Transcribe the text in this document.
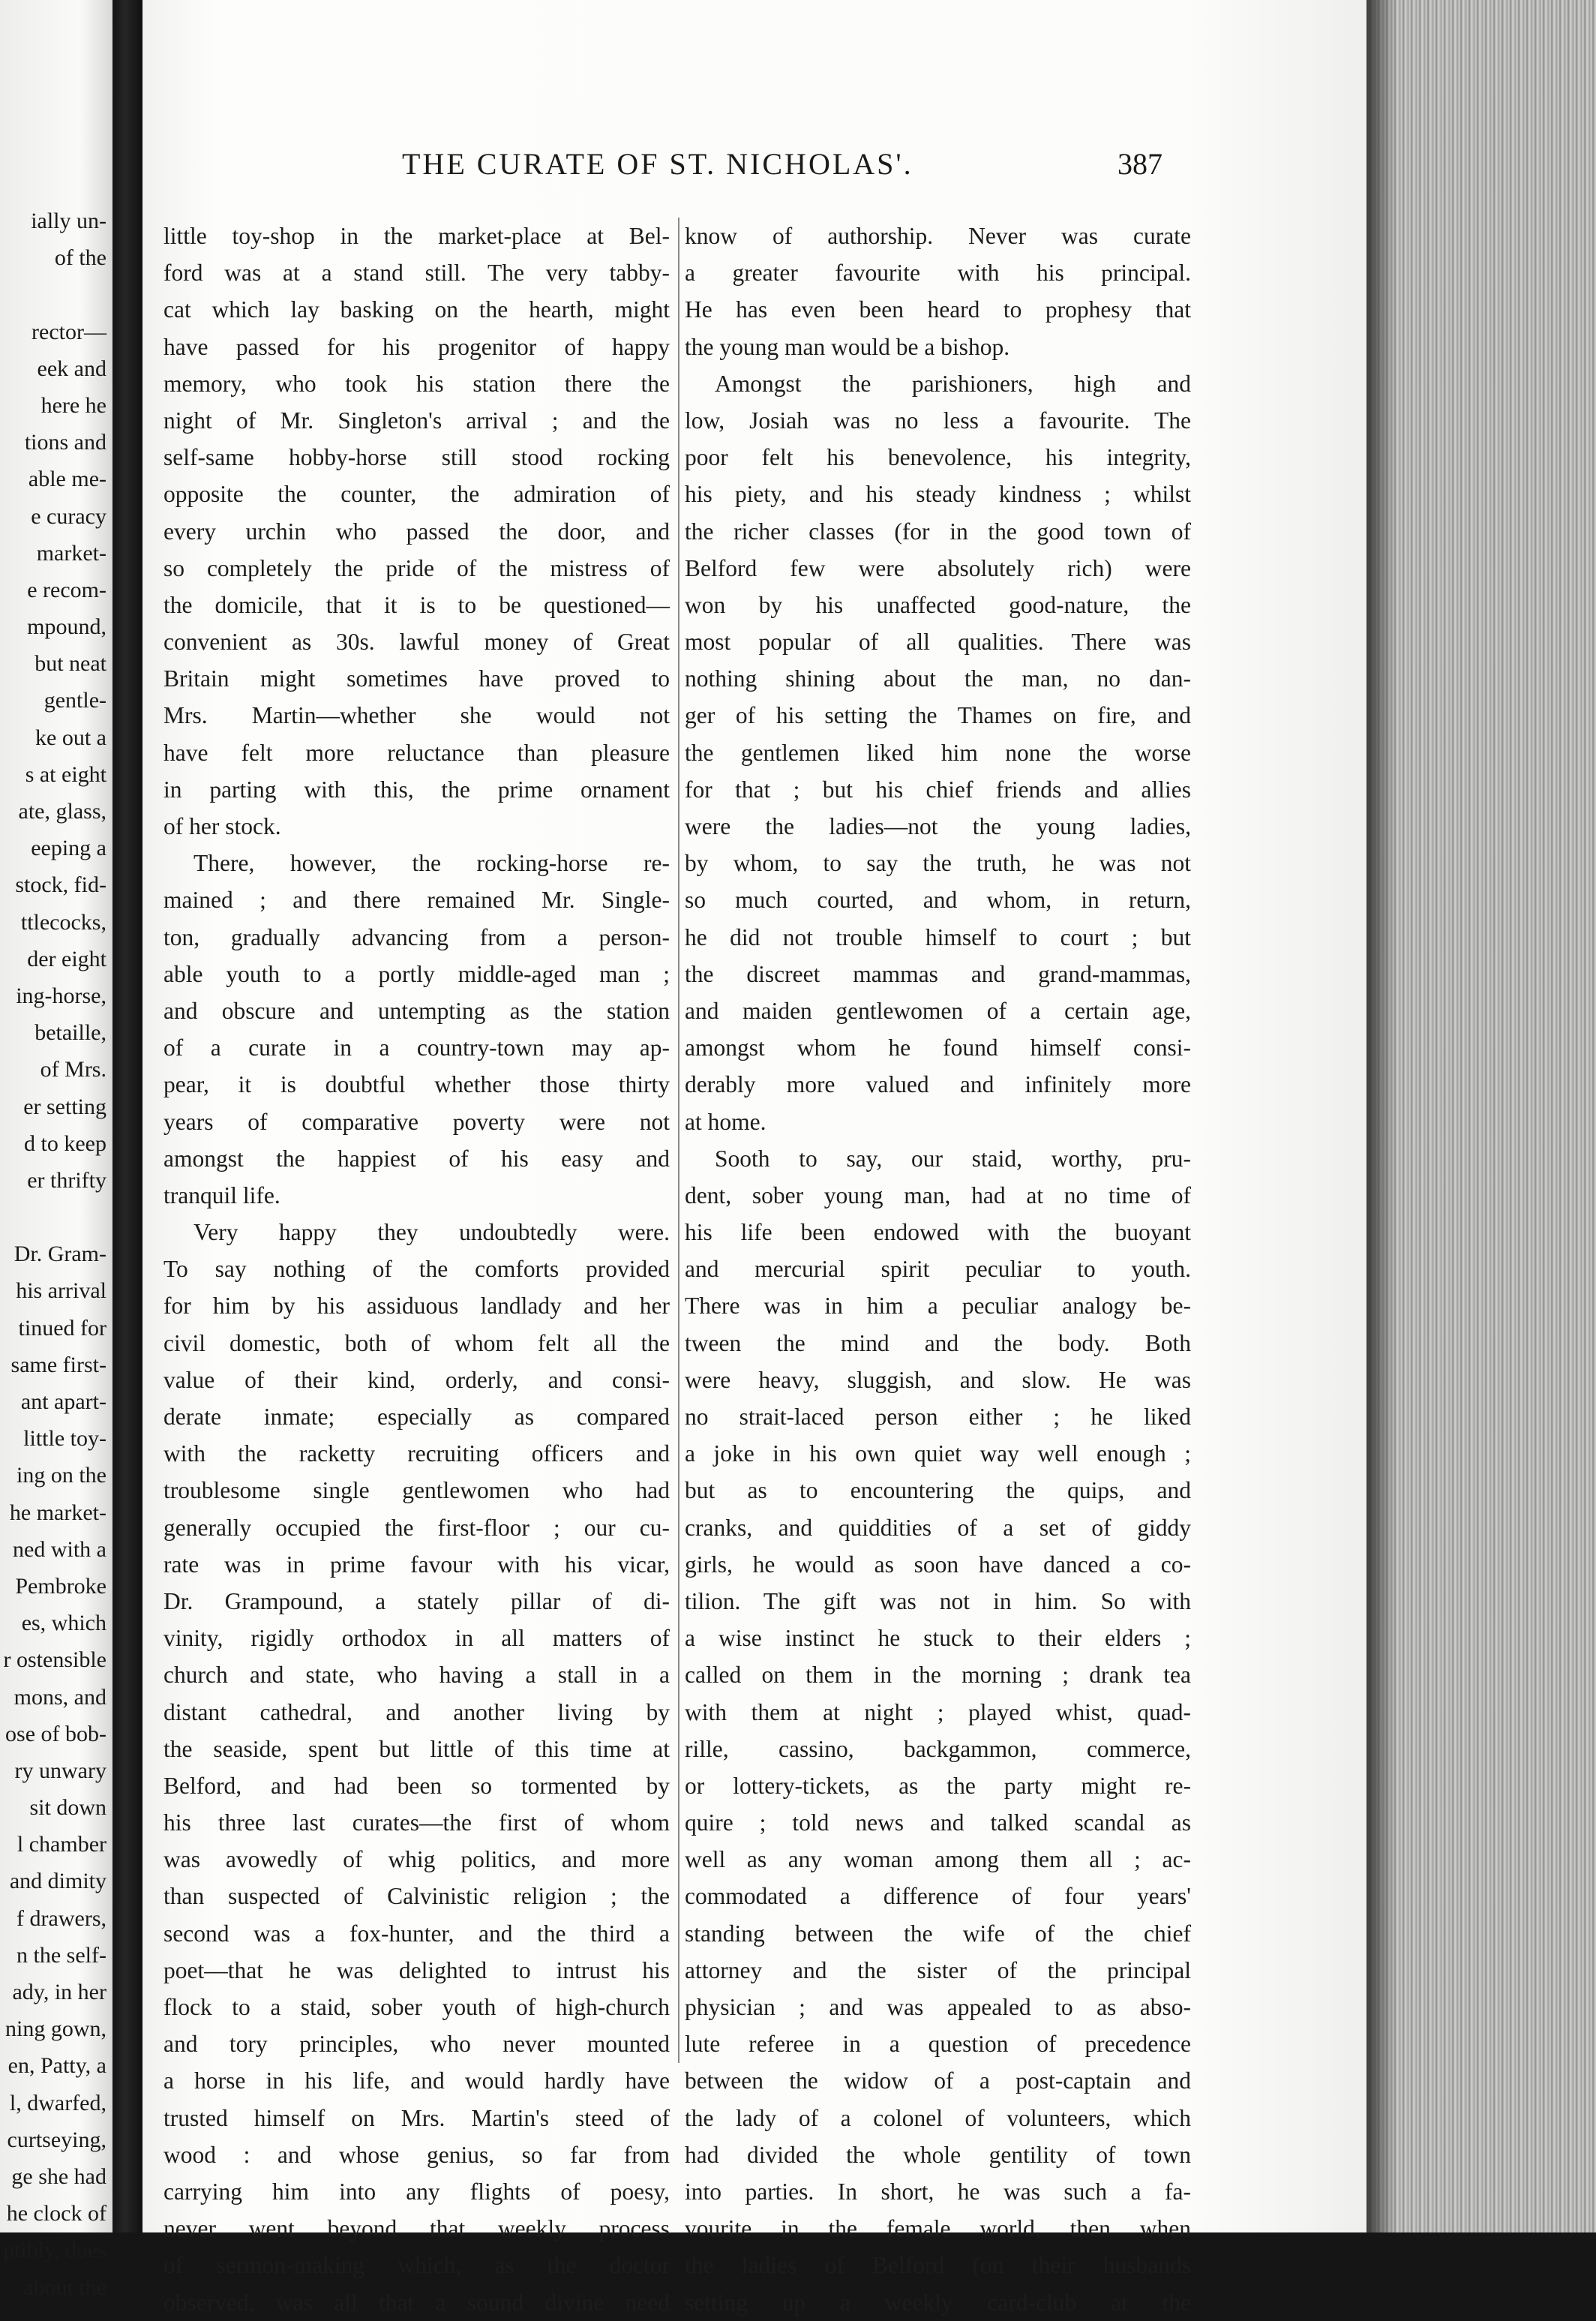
ially un-
of the
rector—
eek and
here he
tions and
able me-
e curacy
market-
e recom-
mpound,
but neat
gentle-
ke out a
s at eight
ate, glass,
eeping a
stock, fid-
ttlecocks,
der eight
ing-horse,
betaille,
of Mrs.
er setting
d to keep
er thrifty
Dr. Gram-
his arrival
tinued for
same first-
ant apart-
little toy-
ing on the
he market-
ned with a
Pembroke
es, which
r ostensible
mons, and
ose of bob-
ry unwary
sit down
l chamber
and dimity
f drawers,
n the self-
ady, in her
ning gown,
en, Patty, a
l, dwarfed,
curtseying,
ge she had
he clock of
ptibly, does
about the
THE CURATE OF ST. NICHOLAS'.	387
little toy-shop in the market-place at Bel-
ford was at a stand still. The very tabby-
cat which lay basking on the hearth, might
have passed for his progenitor of happy
memory, who took his station there the
night of Mr. Singleton's arrival ; and the
self-same hobby-horse still stood rocking
opposite the counter, the admiration of
every urchin who passed the door, and
so completely the pride of the mistress of
the domicile, that it is to be questioned—
convenient as 30s. lawful money of Great
Britain might sometimes have proved to
Mrs. Martin—whether she would not
have felt more reluctance than pleasure
in parting with this, the prime ornament
of her stock.
There, however, the rocking-horse re-
mained ; and there remained Mr. Single-
ton, gradually advancing from a person-
able youth to a portly middle-aged man ;
and obscure and untempting as the station
of a curate in a country-town may ap-
pear, it is doubtful whether those thirty
years of comparative poverty were not
amongst the happiest of his easy and
tranquil life.
Very happy they undoubtedly were.
To say nothing of the comforts provided
for him by his assiduous landlady and her
civil domestic, both of whom felt all the
value of their kind, orderly, and consi-
derate inmate; especially as compared
with the racketty recruiting officers and
troublesome single gentlewomen who had
generally occupied the first-floor ; our cu-
rate was in prime favour with his vicar,
Dr. Grampound, a stately pillar of di-
vinity, rigidly orthodox in all matters of
church and state, who having a stall in a
distant cathedral, and another living by
the seaside, spent but little of this time at
Belford, and had been so tormented by
his three last curates—the first of whom
was avowedly of whig politics, and more
than suspected of Calvinistic religion ; the
second was a fox-hunter, and the third a
poet—that he was delighted to intrust his
flock to a staid, sober youth of high-church
and tory principles, who never mounted
a horse in his life, and would hardly have
trusted himself on Mrs. Martin's steed of
wood : and whose genius, so far from
carrying him into any flights of poesy,
never went beyond that weekly process
of sermon-making which, as the doctor
observed, was all that a sound divine need
know of authorship. Never was curate
a greater favourite with his principal.
He has even been heard to prophesy that
the young man would be a bishop.
Amongst the parishioners, high and
low, Josiah was no less a favourite. The
poor felt his benevolence, his integrity,
his piety, and his steady kindness ; whilst
the richer classes (for in the good town of
Belford few were absolutely rich) were
won by his unaffected good-nature, the
most popular of all qualities. There was
nothing shining about the man, no dan-
ger of his setting the Thames on fire, and
the gentlemen liked him none the worse
for that ; but his chief friends and allies
were the ladies—not the young ladies,
by whom, to say the truth, he was not
so much courted, and whom, in return,
he did not trouble himself to court ; but
the discreet mammas and grand-mammas,
and maiden gentlewomen of a certain age,
amongst whom he found himself consi-
derably more valued and infinitely more
at home.
Sooth to say, our staid, worthy, pru-
dent, sober young man, had at no time of
his life been endowed with the buoyant
and mercurial spirit peculiar to youth.
There was in him a peculiar analogy be-
tween the mind and the body. Both
were heavy, sluggish, and slow. He was
no strait-laced person either ; he liked
a joke in his own quiet way well enough ;
but as to encountering the quips, and
cranks, and quiddities of a set of giddy
girls, he would as soon have danced a co-
tilion. The gift was not in him. So with
a wise instinct he stuck to their elders ;
called on them in the morning ; drank tea
with them at night ; played whist, quad-
rille, cassino, backgammon, commerce,
or lottery-tickets, as the party might re-
quire ; told news and talked scandal as
well as any woman among them all ; ac-
commodated a difference of four years'
standing between the wife of the chief
attorney and the sister of the principal
physician ; and was appealed to as abso-
lute referee in a question of precedence
between the widow of a post-captain and
the lady of a colonel of volunteers, which
had divided the whole gentility of town
into parties. In short, he was such a fa-
vourite in the female world, then when
the ladies of Belford (on their husbands
setting up a weekly card-club at the
